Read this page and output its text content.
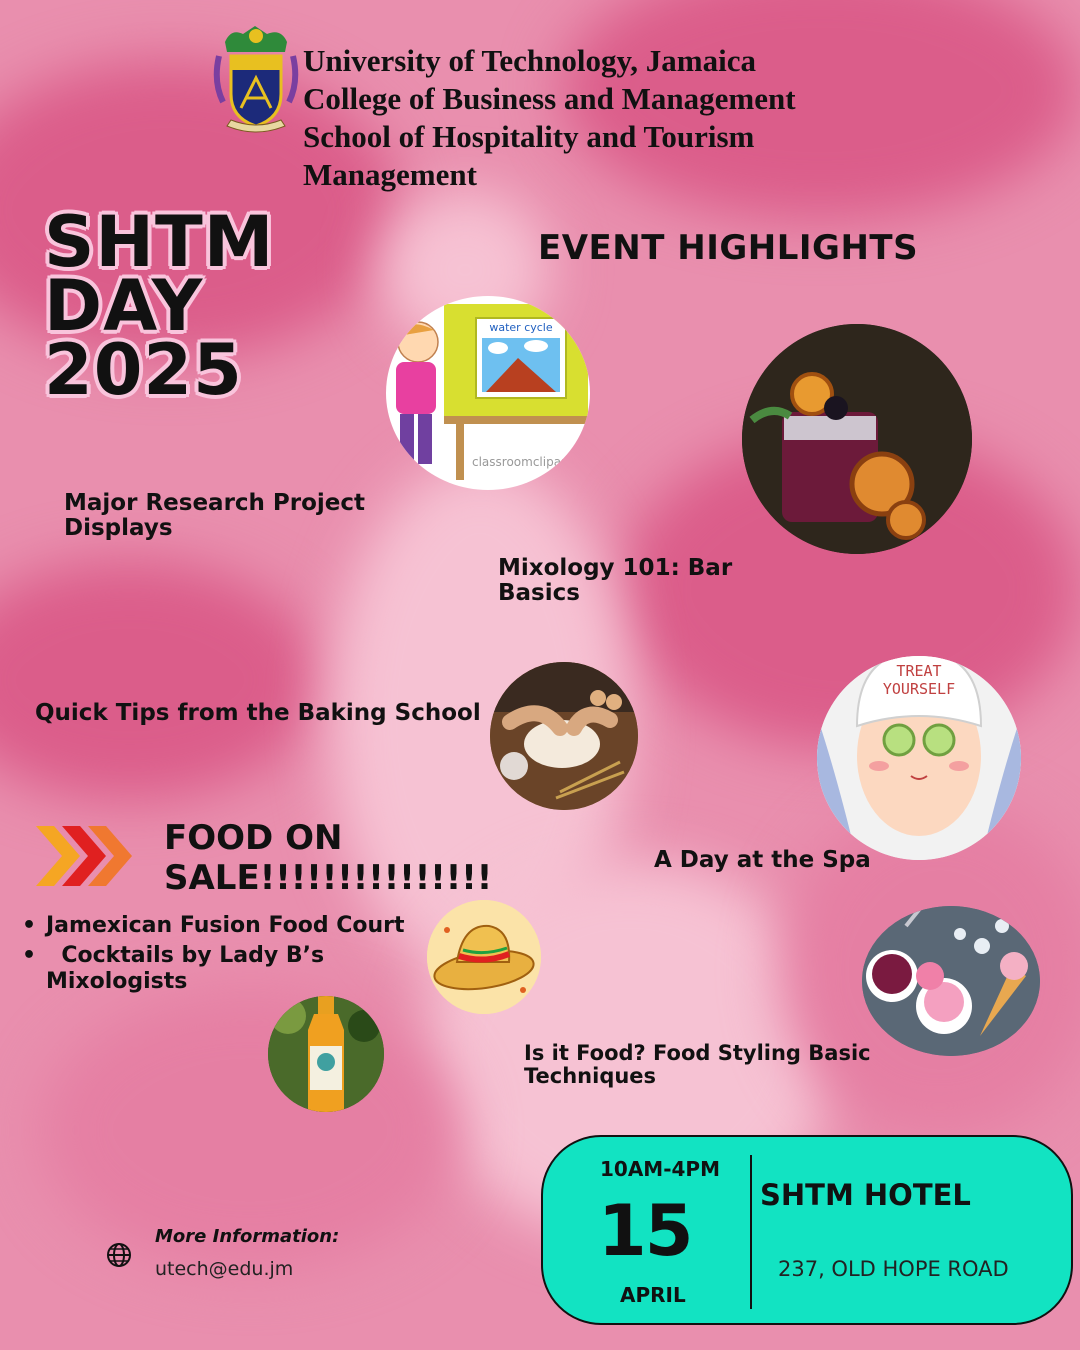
University of Technology, Jamaica
College of Business and Management
School of Hospitality and Tourism
Management
SHTM
DAY
2025
EVENT HIGHLIGHTS
water cycle
classroomclipart
Major Research Project Displays
Mixology 101: Bar Basics
Quick Tips from the Baking School
TREAT
YOURSELF
A Day at the Spa
FOOD ON
SALE!!!!!!!!!!!!!!!
• Jamexican Fusion Food Court
•   Cocktails by Lady B’s Mixologists
Is it Food? Food Styling Basic Techniques
More Information:
utech@edu.jm
10AM-4PM
15
APRIL
SHTM HOTEL
237, OLD HOPE ROAD
